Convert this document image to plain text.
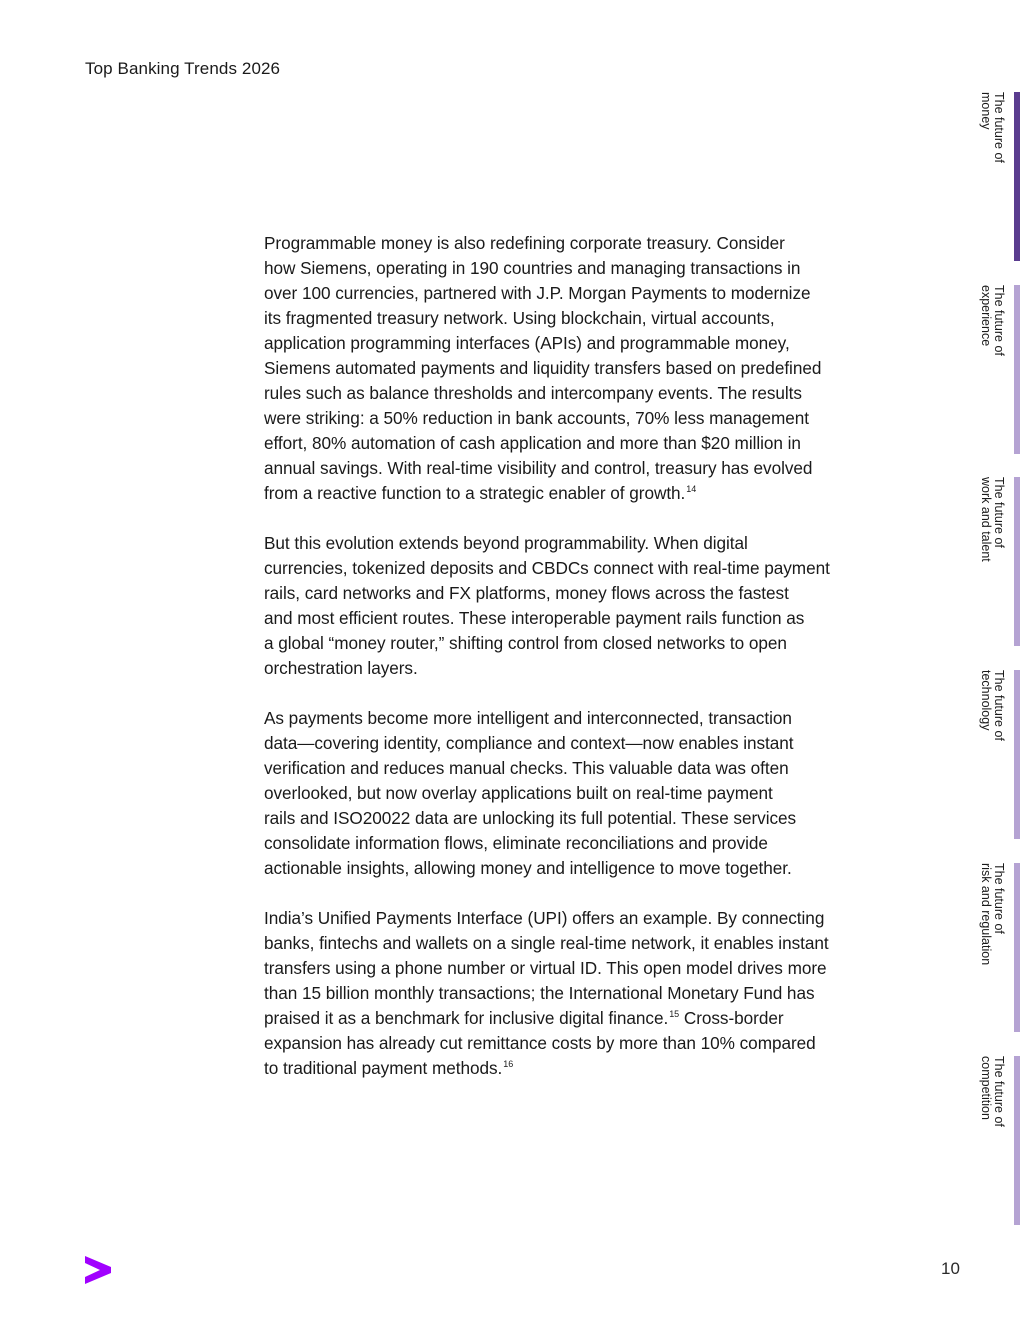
Top Banking Trends 2026

Programmable money is also redefining corporate treasury. Consider
how Siemens, operating in 190 countries and managing transactions in
over 100 currencies, partnered with J.P. Morgan Payments to modernize
its fragmented treasury network. Using blockchain, virtual accounts,
application programming interfaces (APIs) and programmable money,
Siemens automated payments and liquidity transfers based on predefined
rules such as balance thresholds and intercompany events. The results
were striking: a 50% reduction in bank accounts, 70% less management
effort, 80% automation of cash application and more than $20 million in
annual savings. With real-time visibility and control, treasury has evolved
from a reactive function to a strategic enabler of growth.$^{14}$

But this evolution extends beyond programmability. When digital
currencies, tokenized deposits and CBDCs connect with real-time payment
rails, card networks and FX platforms, money flows across the fastest
and most efficient routes. These interoperable payment rails function as
a global “money router,” shifting control from closed networks to open
orchestration layers.

As payments become more intelligent and interconnected, transaction
data—covering identity, compliance and context—now enables instant
verification and reduces manual checks. This valuable data was often
overlooked, but now overlay applications built on real-time payment
rails and ISO20022 data are unlocking its full potential. These services
consolidate information flows, eliminate reconciliations and provide
actionable insights, allowing money and intelligence to move together.

India’s Unified Payments Interface (UPI) offers an example. By connecting
banks, fintechs and wallets on a single real-time network, it enables instant
transfers using a phone number or virtual ID. This open model drives more
than 15 billion monthly transactions; the International Monetary Fund has
praised it as a benchmark for inclusive digital finance.$^{15}$ Cross-border
expansion has already cut remittance costs by more than 10% compared
to traditional payment methods.$^{16}$

The future of
money
The future of
experience
The future of
work and talent
The future of
technology
The future of
risk and regulation
The future of
competition
10
